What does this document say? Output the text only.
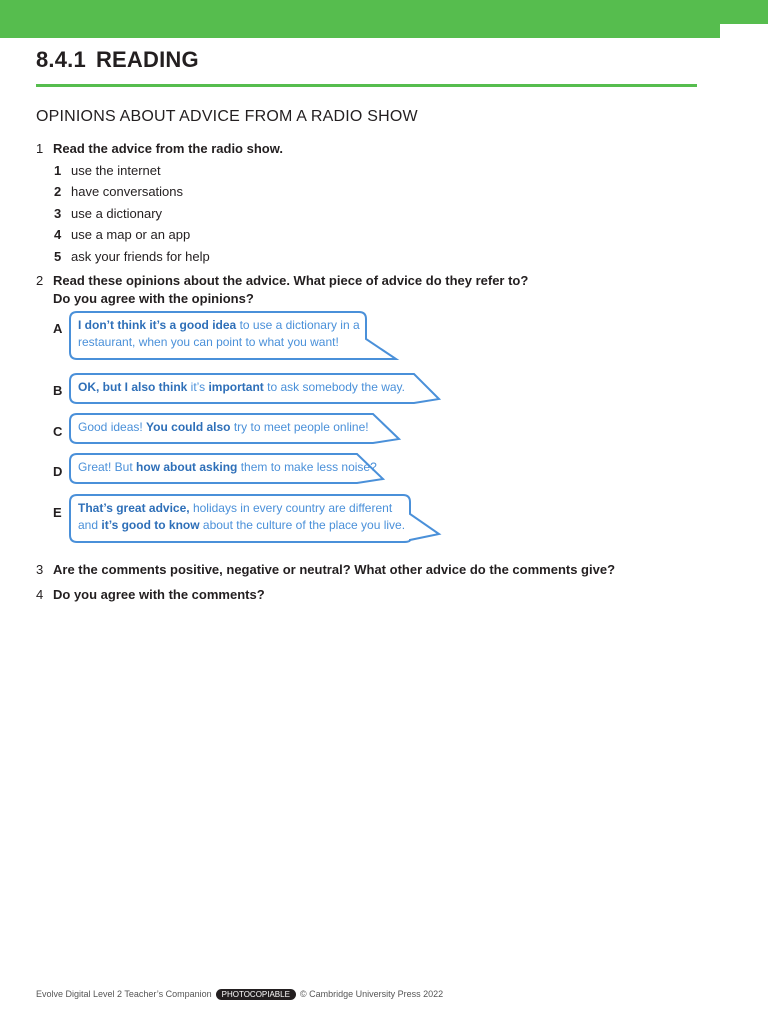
8.4.1 READING
OPINIONS ABOUT ADVICE FROM A RADIO SHOW
1 Read the advice from the radio show.
1 use the internet
2 have conversations
3 use a dictionary
4 use a map or an app
5 ask your friends for help
2 Read these opinions about the advice. What piece of advice do they refer to?
Do you agree with the opinions?
A I don’t think it’s a good idea to use a dictionary in a
restaurant, when you can point to what you want!
B OK, but I also think it’s important to ask somebody the way.
C Good ideas! You could also try to meet people online!
D Great! But how about asking them to make less noise?
E That’s great advice, holidays in every country are different
and it’s good to know about the culture of the place you live.
3 Are the comments positive, negative or neutral? What other advice do the comments give?
4 Do you agree with the comments?
Evolve Digital Level 2 Teacher’s Companion PHOTOCOPIABLE © Cambridge University Press 2022
